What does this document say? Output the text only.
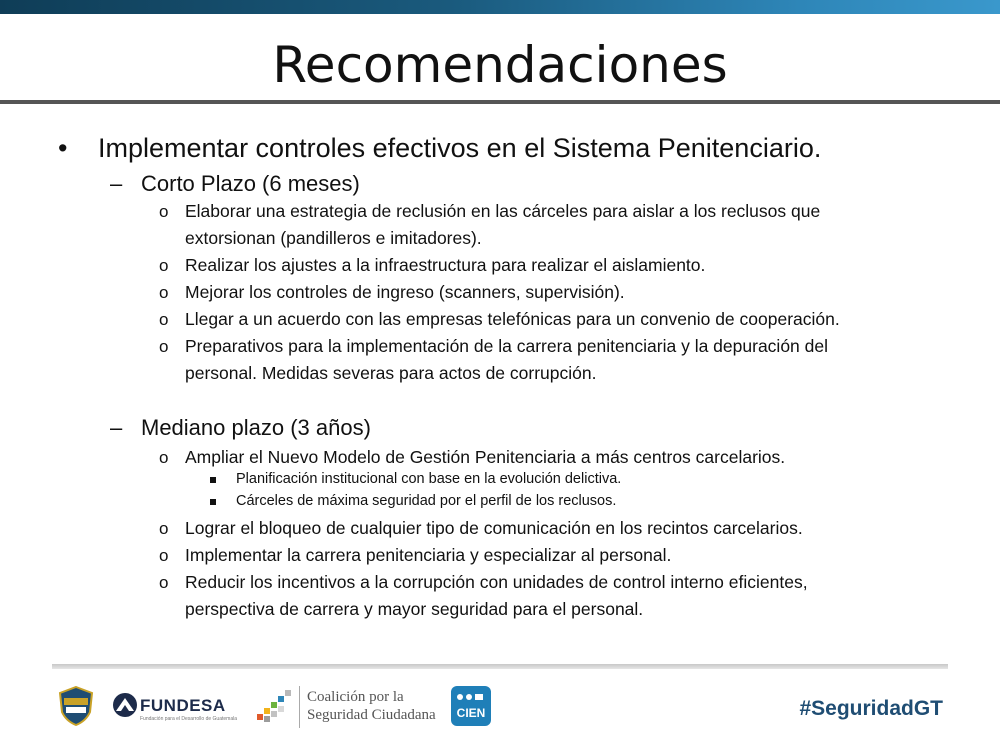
Recomendaciones
• Implementar controles efectivos en el Sistema Penitenciario.
– Corto Plazo (6 meses)
o Elaborar una estrategia de reclusión en las cárceles para aislar a los reclusos que
extorsionan (pandilleros e imitadores).
o Realizar los ajustes a la infraestructura para realizar el aislamiento.
o Mejorar los controles de ingreso (scanners, supervisión).
o Llegar a un acuerdo con las empresas telefónicas para un convenio de cooperación.
o Preparativos para la implementación de la carrera penitenciaria y la depuración del
personal. Medidas severas para actos de corrupción.
– Mediano plazo (3 años)
o Ampliar el Nuevo Modelo de Gestión Penitenciaria a más centros carcelarios.
Planificación institucional con base en la evolución delictiva.
Cárceles de máxima seguridad por el perfil de los reclusos.
o Lograr el bloqueo de cualquier tipo de comunicación en los recintos carcelarios.
o Implementar la carrera penitenciaria y especializar al personal.
o Reducir los incentivos a la corrupción con unidades de control interno eficientes,
perspectiva de carrera y mayor seguridad para el personal.
FUNDESA
Fundación para el Desarrollo de Guatemala
Coalición por la
Seguridad Ciudadana CIEN	#SeguridadGT
